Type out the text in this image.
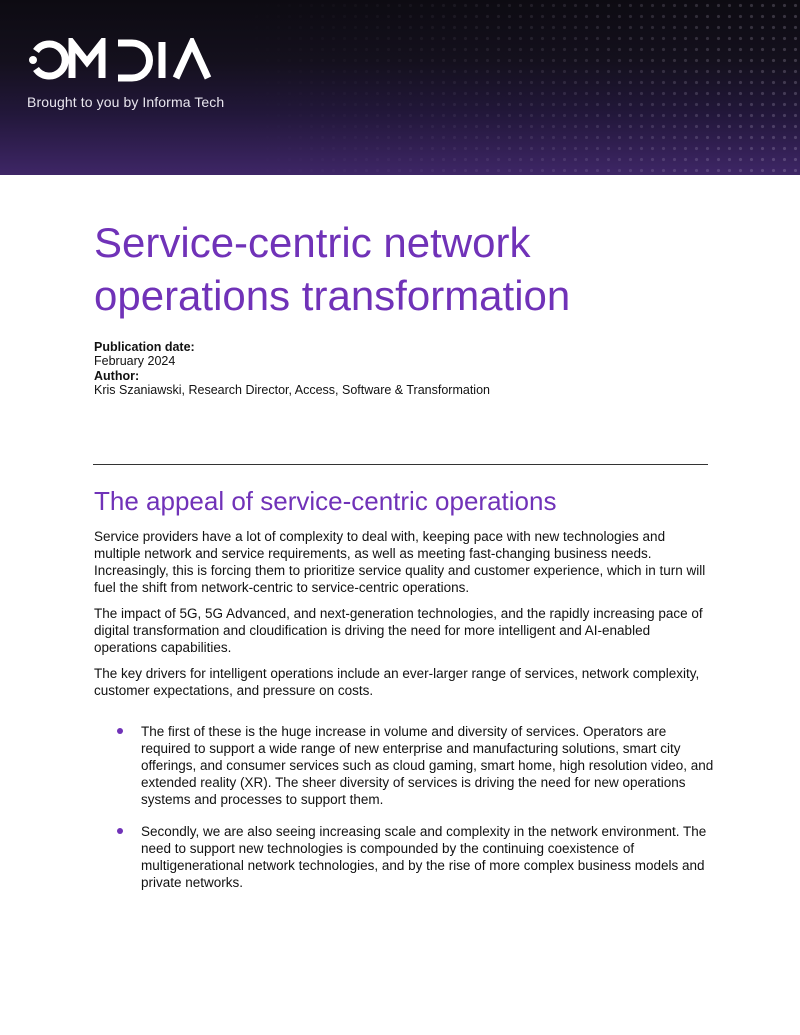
Brought to you by Informa Tech
Service-centric network
operations transformation
Publication date:
February 2024
Author:
Kris Szaniawski, Research Director, Access, Software & Transformation
The appeal of service-centric operations

Service providers have a lot of complexity to deal with, keeping pace with new technologies and multiple network and service requirements, as well as meeting fast-changing business needs. Increasingly, this is forcing them to prioritize service quality and customer experience, which in turn will fuel the shift from network-centric to service-centric operations.

The impact of 5G, 5G Advanced, and next-generation technologies, and the rapidly increasing pace of digital transformation and cloudification is driving the need for more intelligent and AI-enabled operations capabilities.

The key drivers for intelligent operations include an ever-larger range of services, network complexity, customer expectations, and pressure on costs.

The first of these is the huge increase in volume and diversity of services. Operators are required to support a wide range of new enterprise and manufacturing solutions, smart city offerings, and consumer services such as cloud gaming, smart home, high resolution video, and extended reality (XR). The sheer diversity of services is driving the need for new operations systems and processes to support them.
Secondly, we are also seeing increasing scale and complexity in the network environment. The need to support new technologies is compounded by the continuing coexistence of multigenerational network technologies, and by the rise of more complex business models and private networks.
